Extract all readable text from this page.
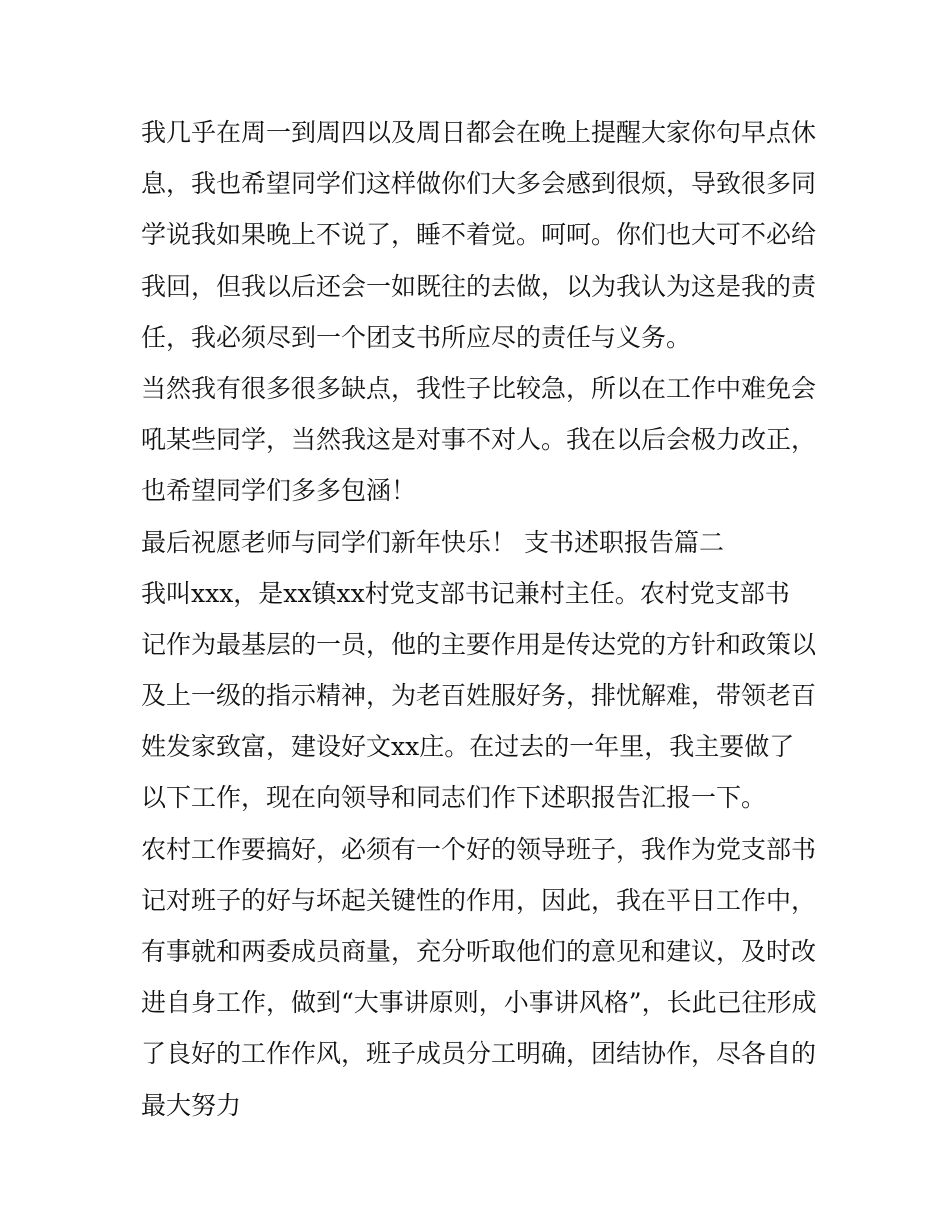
我几乎在周一到周四以及周日都会在晚上提醒大家你句早点休
息，我也希望同学们这样做你们大多会感到很烦，导致很多同
学说我如果晚上不说了，睡不着觉。呵呵。你们也大可不必给
我回，但我以后还会一如既往的去做，以为我认为这是我的责
任，我必须尽到一个团支书所应尽的责任与义务。
当然我有很多很多缺点，我性子比较急，所以在工作中难免会
吼某些同学，当然我这是对事不对人。我在以后会极力改正，
也希望同学们多多包涵！
最后祝愿老师与同学们新年快乐！ 支书述职报告篇二
我叫xxx，是xx镇xx村党支部书记兼村主任。农村党支部书
记作为最基层的一员，他的主要作用是传达党的方针和政策以
及上一级的指示精神，为老百姓服好务，排忧解难，带领老百
姓发家致富，建设好文xx庄。在过去的一年里，我主要做了
以下工作，现在向领导和同志们作下述职报告汇报一下。
农村工作要搞好，必须有一个好的领导班子，我作为党支部书
记对班子的好与坏起关键性的作用，因此，我在平日工作中，
有事就和两委成员商量，充分听取他们的意见和建议，及时改
进自身工作，做到“大事讲原则，小事讲风格”，长此已往形成
了良好的工作作风，班子成员分工明确，团结协作，尽各自的
最大努力
